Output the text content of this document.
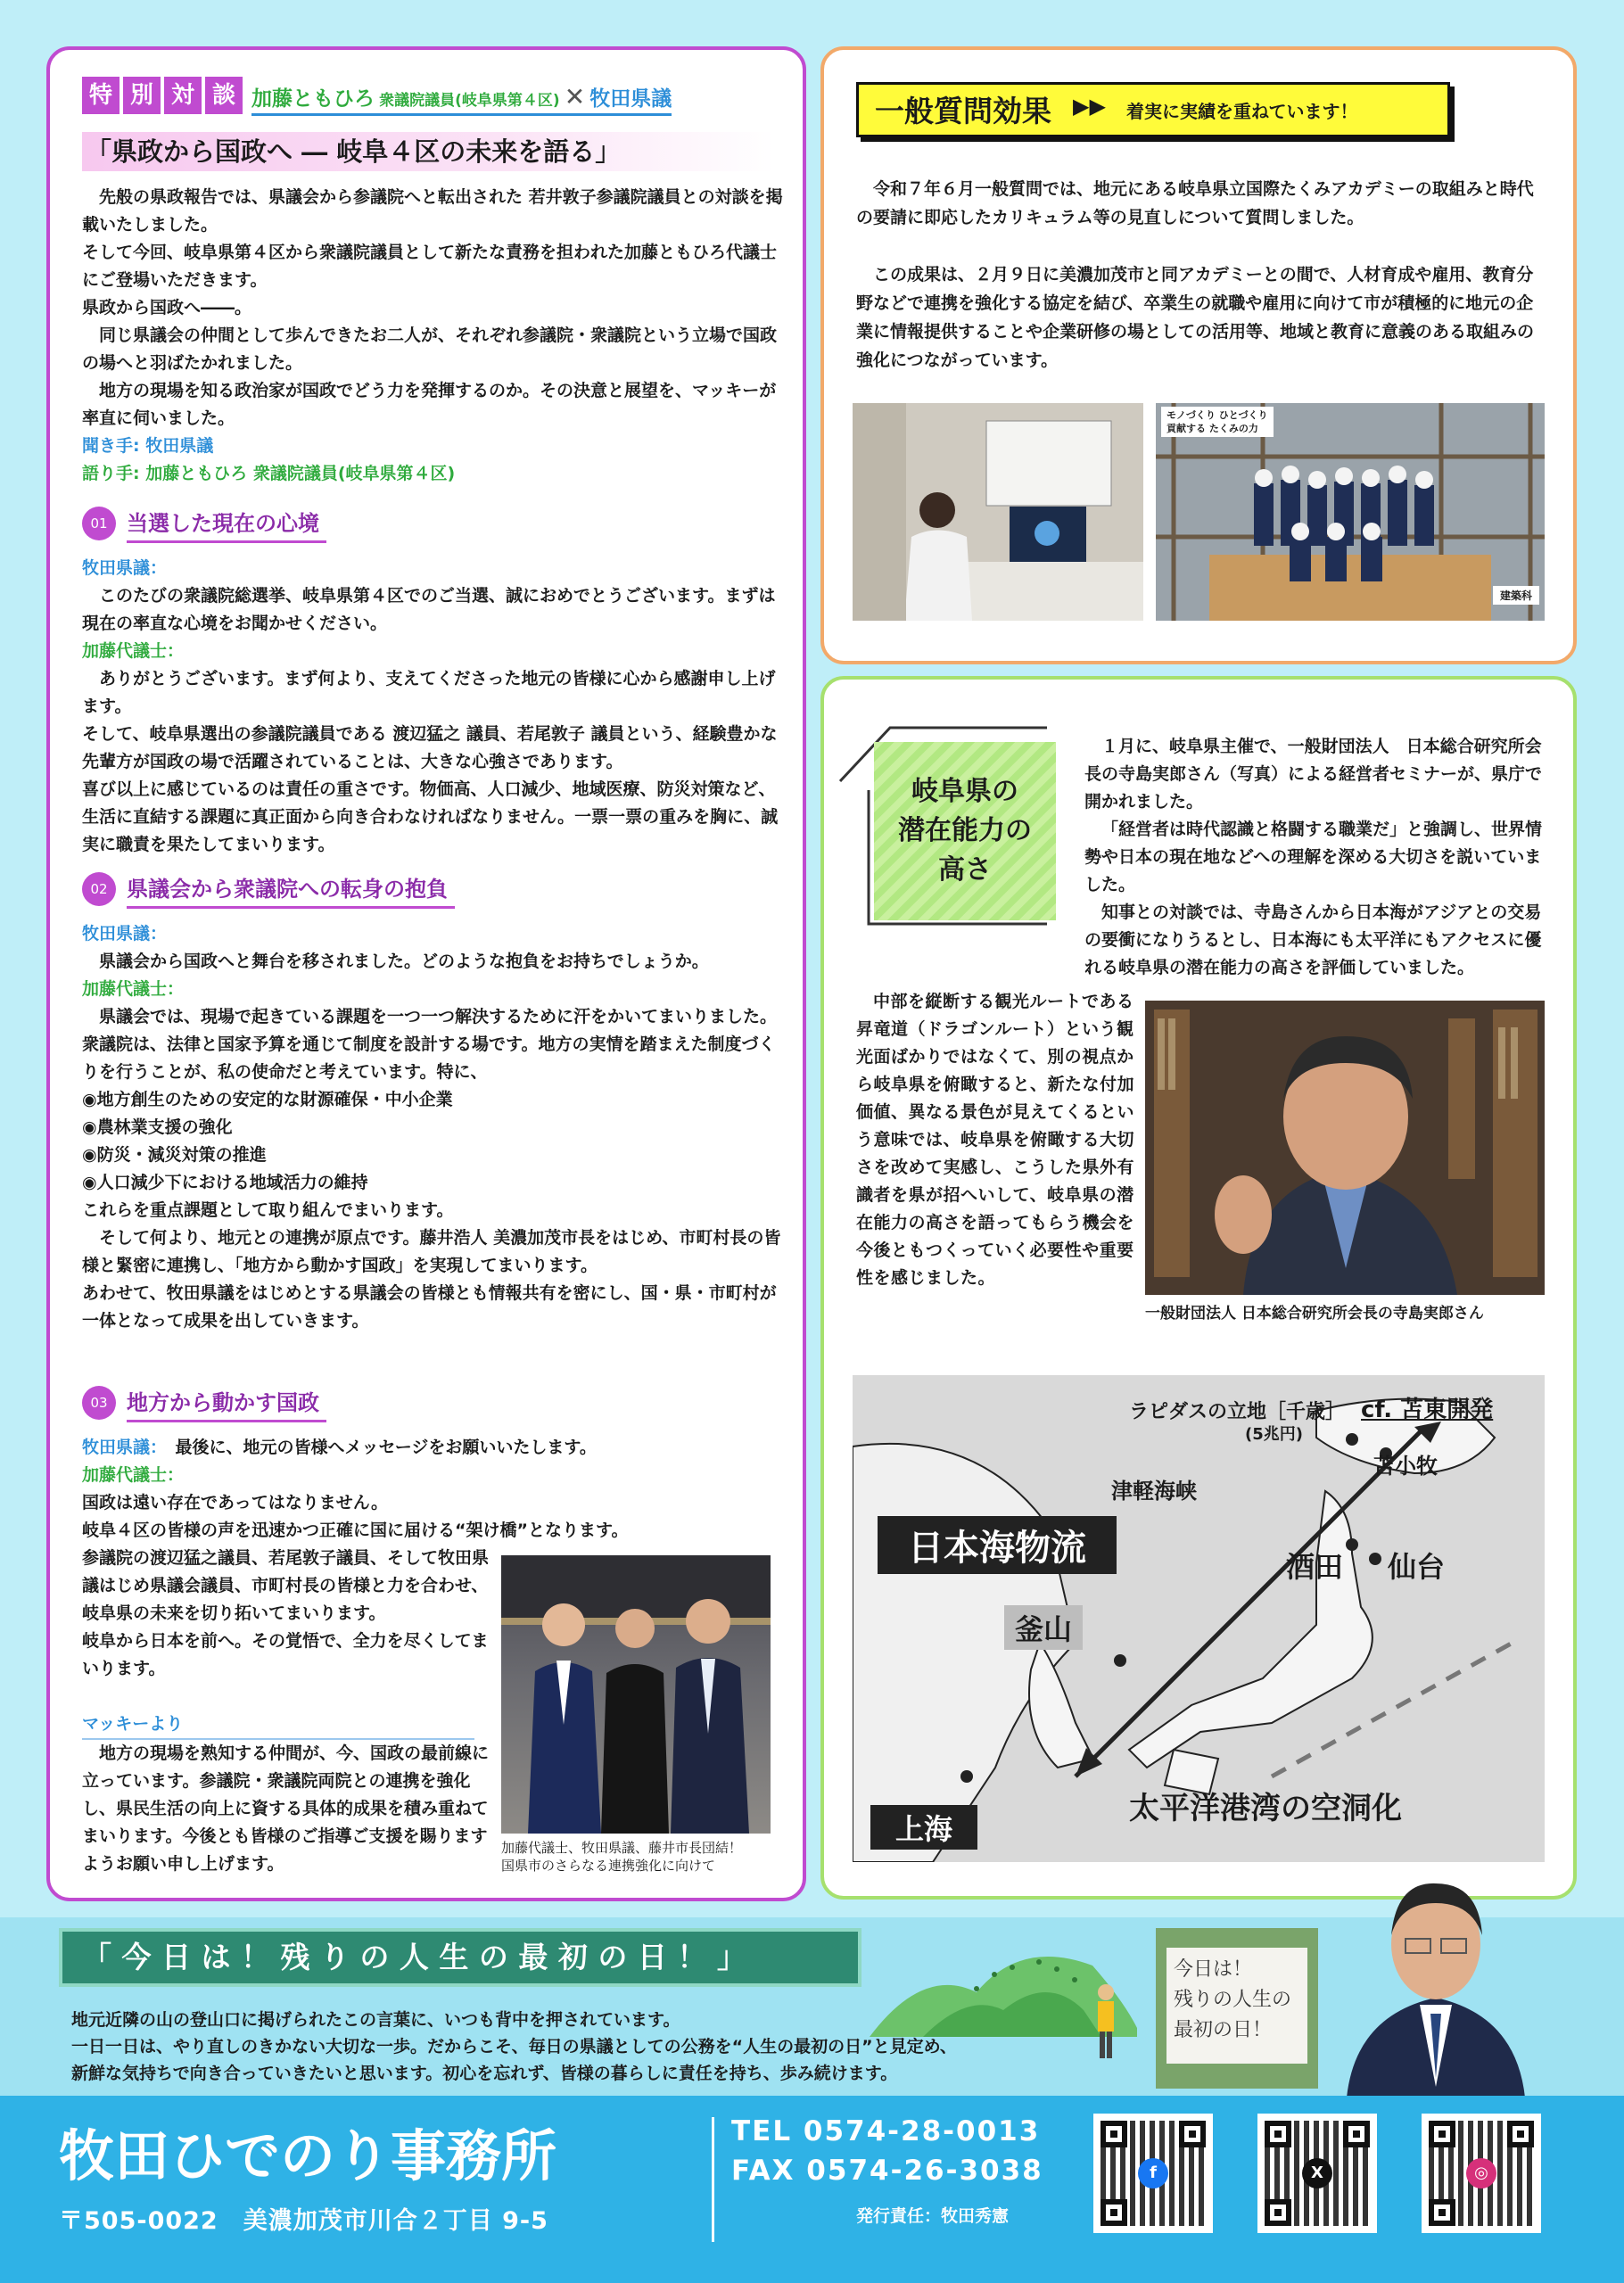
特 別 対 談 加藤ともひろ 衆議院議員(岐阜県第４区) ✕ 牧田県議
「県政から国政へ ― 岐阜４区の未来を語る」

先般の県政報告では、県議会から参議院へと転出された 若井敦子参議院議員との対談を掲載いたしました。

そして今回、岐阜県第４区から衆議院議員として新たな責務を担われた加藤ともひろ代議士にご登場いただきます。

県政から国政へ――。

同じ県議会の仲間として歩んできたお二人が、それぞれ参議院・衆議院という立場で国政の場へと羽ばたかれました。

地方の現場を知る政治家が国政でどう力を発揮するのか。その決意と展望を、マッキーが率直に伺いました。

聞き手: 牧田県議

語り手: 加藤ともひろ 衆議院議員(岐阜県第４区)

01 当選した現在の心境

牧田県議：

このたびの衆議院総選挙、岐阜県第４区でのご当選、誠におめでとうございます。まずは現在の率直な心境をお聞かせください。

加藤代議士：

ありがとうございます。まず何より、支えてくださった地元の皆様に心から感謝申し上げます。

そして、岐阜県選出の参議院議員である 渡辺猛之 議員、若尾敦子 議員という、経験豊かな先輩方が国政の場で活躍されていることは、大きな心強さであります。

喜び以上に感じているのは責任の重さです。物価高、人口減少、地域医療、防災対策など、生活に直結する課題に真正面から向き合わなければなりません。一票一票の重みを胸に、誠実に職責を果たしてまいります。

02 県議会から衆議院への転身の抱負

牧田県議：

県議会から国政へと舞台を移されました。どのような抱負をお持ちでしょうか。

加藤代議士：

県議会では、現場で起きている課題を一つ一つ解決するために汗をかいてまいりました。

衆議院は、法律と国家予算を通じて制度を設計する場です。地方の実情を踏まえた制度づくりを行うことが、私の使命だと考えています。特に、

◉地方創生のための安定的な財源確保・中小企業

◉農林業支援の強化

◉防災・減災対策の推進

◉人口減少下における地域活力の維持

これらを重点課題として取り組んでまいります。

そして何より、地元との連携が原点です。藤井浩人 美濃加茂市長をはじめ、市町村長の皆様と緊密に連携し、「地方から動かす国政」を実現してまいります。

あわせて、牧田県議をはじめとする県議会の皆様とも情報共有を密にし、国・県・市町村が一体となって成果を出していきます。

03 地方から動かす国政

牧田県議：　 最後に、地元の皆様へメッセージをお願いいたします。

加藤代議士：

国政は遠い存在であってはなりません。

岐阜４区の皆様の声を迅速かつ正確に国に届ける“架け橋”となります。

参議院の渡辺猛之議員、若尾敦子議員、そして牧田県議はじめ県議会議員、市町村長の皆様と力を合わせ、岐阜県の未来を切り拓いてまいります。

岐阜から日本を前へ。その覚悟で、全力を尽くしてまいります。

マッキーより

地方の現場を熟知する仲間が、今、国政の最前線に立っています。参議院・衆議院両院との連携を強化し、県民生活の向上に資する具体的成果を積み重ねてまいります。今後とも皆様のご指導ご支援を賜りますようお願い申し上げます。

加藤代議士、牧田県議、藤井市長団結！
国県市のさらなる連携強化に向けて
一般質問効果 ▶▶ 着実に実績を重ねています！

令和７年６月一般質問では、地元にある岐阜県立国際たくみアカデミーの取組みと時代の要請に即応したカリキュラム等の見直しについて質問しました。

この成果は、２月９日に美濃加茂市と同アカデミーとの間で、人材育成や雇用、教育分野などで連携を強化する協定を結び、卒業生の就職や雇用に向けて市が積極的に地元の企業に情報提供することや企業研修の場としての活用等、地域と教育に意義のある取組みの強化につながっています。

モノづくり ひとづくり
貢献する たくみの力
建築科
岐阜県の
潜在能力の
高さ

１月に、岐阜県主催で、一般財団法人　日本総合研究所会長の寺島実郎さん（写真）による経営者セミナーが、県庁で開かれました。

「経営者は時代認識と格闘する職業だ」と強調し、世界情勢や日本の現在地などへの理解を深める大切さを説いていました。

知事との対談では、寺島さんから日本海がアジアとの交易の要衝になりうるとし、日本海にも太平洋にもアクセスに優れる岐阜県の潜在能力の高さを評価していました。

中部を縦断する観光ルートである昇竜道（ドラゴンルート）という観光面ばかりではなくて、別の視点から岐阜県を俯瞰すると、新たな付加価値、異なる景色が見えてくるという意味では、岐阜県を俯瞰する大切さを改めて実感し、こうした県外有識者を県が招へいして、岐阜県の潜在能力の高さを語ってもらう機会を今後ともつくっていく必要性や重要性を感じました。

一般財団法人 日本総合研究所会長の寺島実郎さん
ラピダスの立地［千歳］
(5兆円)
cf. 苫東開発
苫小牧
津軽海峡
日本海物流	酒田 仙台
釜山
上海
太平洋港湾の空洞化
「 今 日 は ！ 残 り の 人 生 の 最 初 の 日 ！ 」

地元近隣の山の登山口に掲げられたこの言葉に、いつも背中を押されています。

一日一日は、やり直しのきかない大切な一歩。だからこそ、毎日の県議としての公務を“人生の最初の日”と見定め、

新鮮な気持ちで向き合っていきたいと思います。初心を忘れず、皆様の暮らしに責任を持ち、歩み続けます。

今日は！
残りの人生の
最初の日！
牧田ひでのり事務所
〒505-0022　美濃加茂市川合２丁目 9-5
TEL 0574-28-0013
FAX 0574-26-3038
発行責任：牧田秀憲
f	X	◎
